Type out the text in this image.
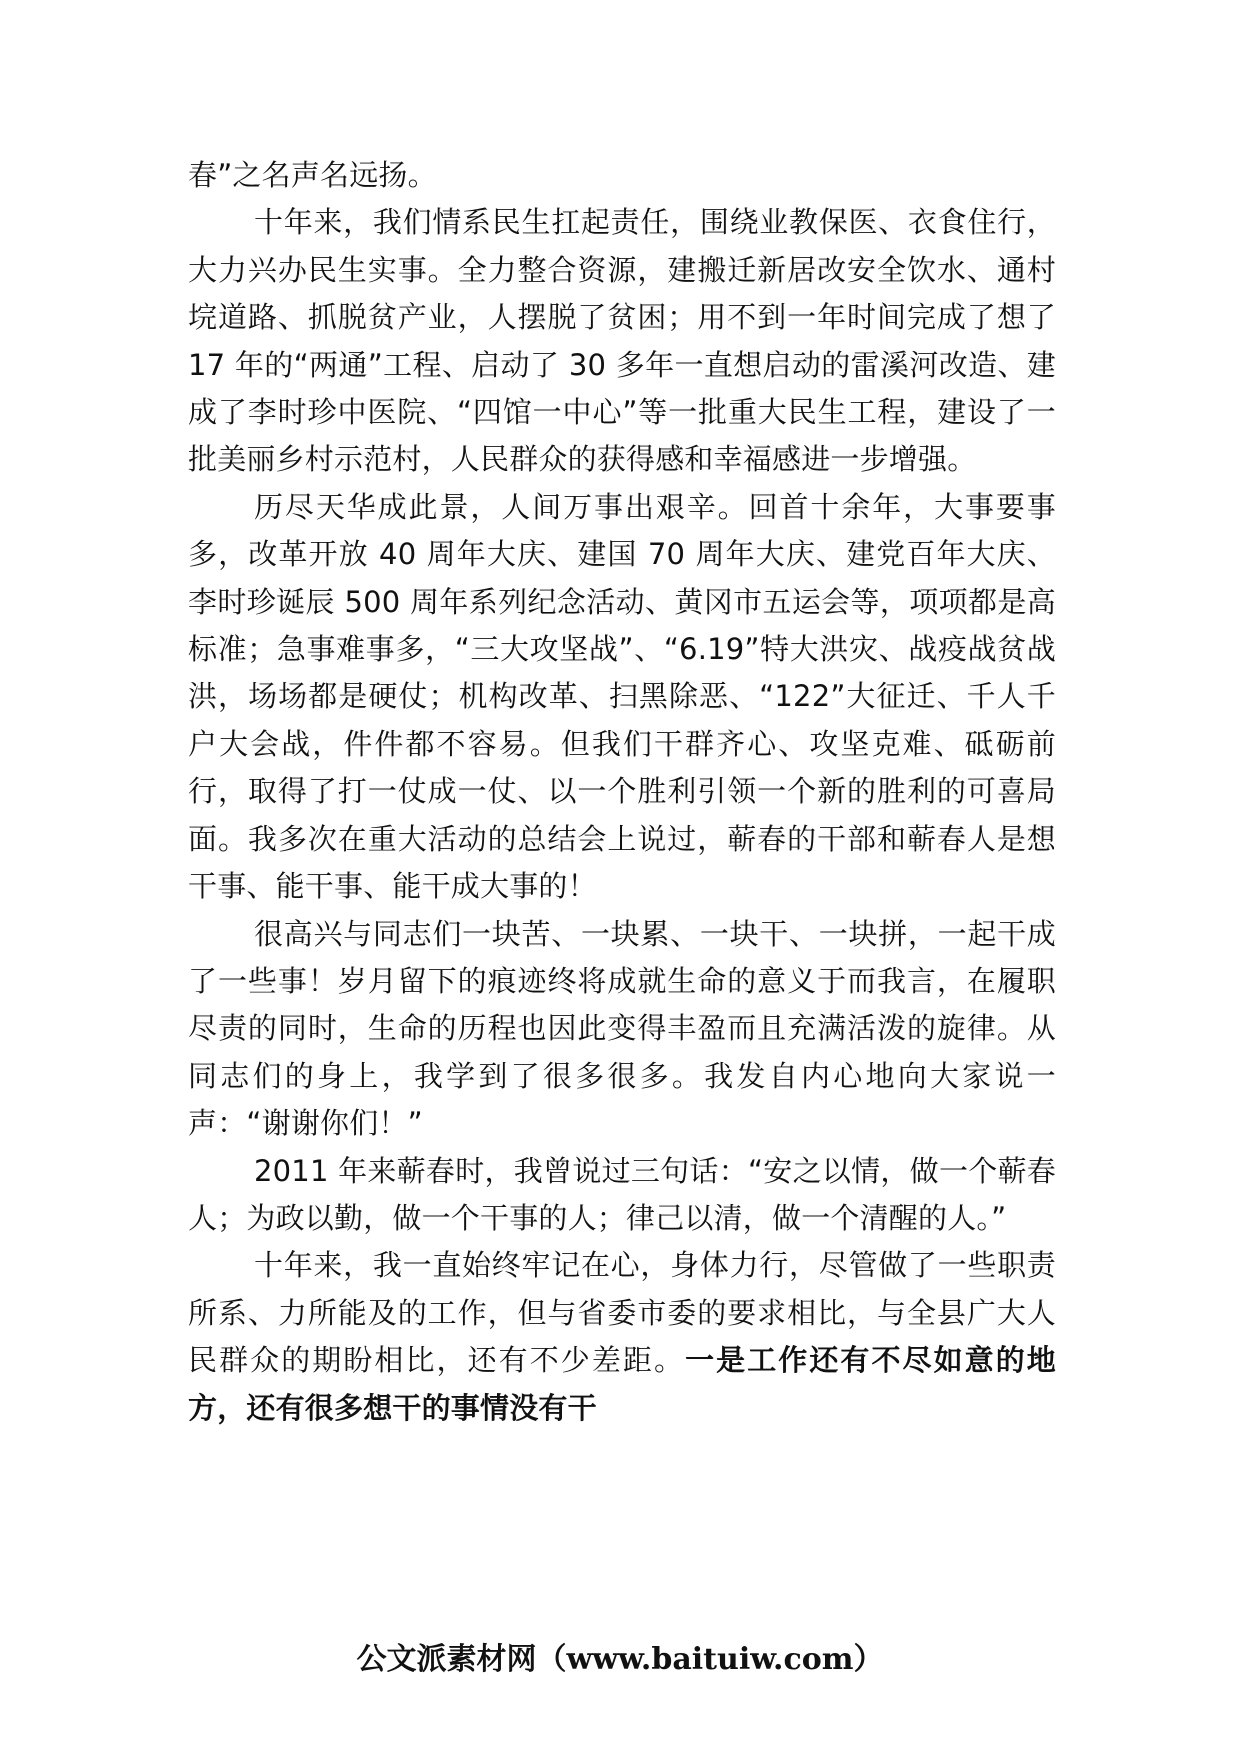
春”之名声名远扬。

十年来，我们情系民生扛起责任，围绕业教保医、衣食住行，大力兴办民生实事。全力整合资源，建搬迁新居改安全饮水、通村垸道路、抓脱贫产业，人摆脱了贫困；用不到一年时间完成了想了 17 年的“两通”工程、启动了 30 多年一直想启动的雷溪河改造、建成了李时珍中医院、“四馆一中心”等一批重大民生工程，建设了一批美丽乡村示范村，人民群众的获得感和幸福感进一步增强。

历尽天华成此景，人间万事出艰辛。回首十余年，大事要事多，改革开放 40 周年大庆、建国 70 周年大庆、建党百年大庆、李时珍诞辰 500 周年系列纪念活动、黄冈市五运会等，项项都是高标准；急事难事多，“三大攻坚战”、“6.19”特大洪灾、战疫战贫战洪，场场都是硬仗；机构改革、扫黑除恶、“122”大征迁、千人千户大会战，件件都不容易。但我们干群齐心、攻坚克难、砥砺前行，取得了打一仗成一仗、以一个胜利引领一个新的胜利的可喜局面。我多次在重大活动的总结会上说过，蕲春的干部和蕲春人是想干事、能干事、能干成大事的！

很高兴与同志们一块苦、一块累、一块干、一块拼，一起干成了一些事！岁月留下的痕迹终将成就生命的意义于而我言，在履职尽责的同时，生命的历程也因此变得丰盈而且充满活泼的旋律。从同志们的身上，我学到了很多很多。我发自内心地向大家说一声：“谢谢你们！”

2011 年来蕲春时，我曾说过三句话：“安之以情，做一个蕲春人；为政以勤，做一个干事的人；律己以清，做一个清醒的人。”

十年来，我一直始终牢记在心，身体力行，尽管做了一些职责所系、力所能及的工作，但与省委市委的要求相比，与全县广大人民群众的期盼相比，还有不少差距。一是工作还有不尽如意的地方，还有很多想干的事情没有干

公文派素材网（www.baituiw.com）
